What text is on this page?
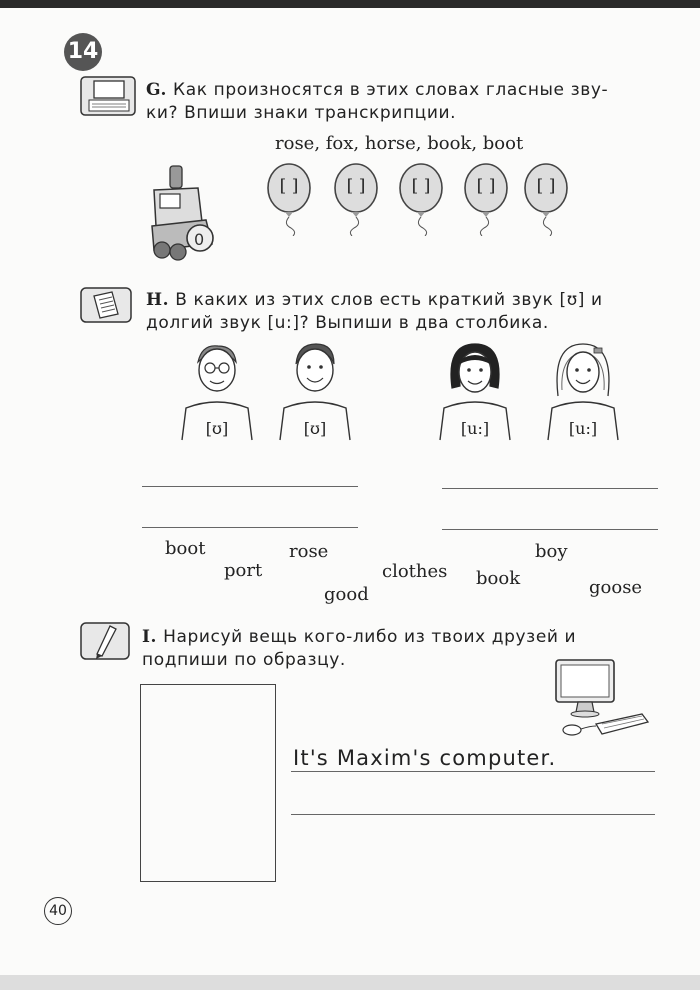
14
G. Как произносятся в этих словах гласные зву-
ки? Впиши знаки транскрипции.
rose, fox, horse, book, boot
0
[ ]	[ ]	[ ]	[ ]	[ ]
H. В каких из этих слов есть краткий звук [ʊ] и
долгий звук [u:]? Выпиши в два столбика.
[ʊ]	[ʊ]	[u:]	[u:]
boot	rose	boy
port	clothes book	goose
good
I. Нарисуй вещь кого-либо из твоих друзей и
подпиши по образцу.
It's Maxim's computer.
40
